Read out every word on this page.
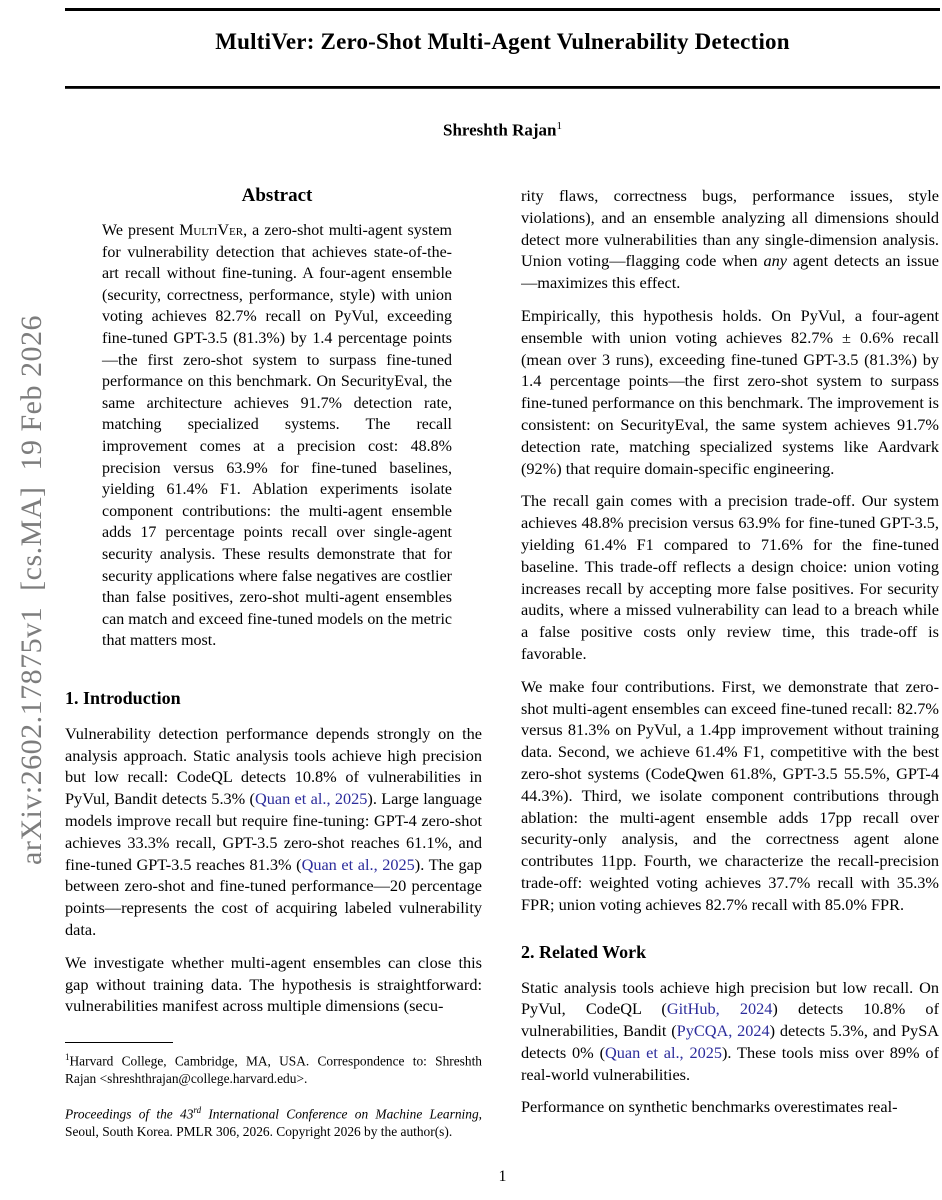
MultiVer: Zero-Shot Multi-Agent Vulnerability Detection
Shreshth Rajan$^1$
arXiv:2602.17875v1  [cs.MA]  19 Feb 2026
Abstract

We present MultiVer, a zero-shot multi-agent system for vulnerability detection that achieves state-of-the-art recall without fine-tuning. A four-agent ensemble (security, correctness, performance, style) with union voting achieves 82.7% recall on PyVul, exceeding fine-tuned GPT-3.5 (81.3%) by 1.4 percentage points—the first zero-shot system to surpass fine-tuned performance on this benchmark. On SecurityEval, the same architecture achieves 91.7% detection rate, matching specialized systems. The recall improvement comes at a precision cost: 48.8% precision versus 63.9% for fine-tuned baselines, yielding 61.4% F1. Ablation experiments isolate component contributions: the multi-agent ensemble adds 17 percentage points recall over single-agent security analysis. These results demonstrate that for security applications where false negatives are costlier than false positives, zero-shot multi-agent ensembles can match and exceed fine-tuned models on the metric that matters most.

1. Introduction

Vulnerability detection performance depends strongly on the analysis approach. Static analysis tools achieve high precision but low recall: CodeQL detects 10.8% of vulnerabilities in PyVul, Bandit detects 5.3% (Quan et al., 2025). Large language models improve recall but require fine-tuning: GPT-4 zero-shot achieves 33.3% recall, GPT-3.5 zero-shot reaches 61.1%, and fine-tuned GPT-3.5 reaches 81.3% (Quan et al., 2025). The gap between zero-shot and fine-tuned performance—20 percentage points—represents the cost of acquiring labeled vulnerability data.

We investigate whether multi-agent ensembles can close this gap without training data. The hypothesis is straightforward: vulnerabilities manifest across multiple dimensions (secu-

$^1$Harvard College, Cambridge, MA, USA. Correspondence to: Shreshth Rajan <shreshthrajan@college.harvard.edu>.

Proceedings of the 43rd International Conference on Machine Learning, Seoul, South Korea. PMLR 306, 2026. Copyright 2026 by the author(s).

rity flaws, correctness bugs, performance issues, style violations), and an ensemble analyzing all dimensions should detect more vulnerabilities than any single-dimension analysis. Union voting—flagging code when any agent detects an issue—maximizes this effect.

Empirically, this hypothesis holds. On PyVul, a four-agent ensemble with union voting achieves 82.7% ± 0.6% recall (mean over 3 runs), exceeding fine-tuned GPT-3.5 (81.3%) by 1.4 percentage points—the first zero-shot system to surpass fine-tuned performance on this benchmark. The improvement is consistent: on SecurityEval, the same system achieves 91.7% detection rate, matching specialized systems like Aardvark (92%) that require domain-specific engineering.

The recall gain comes with a precision trade-off. Our system achieves 48.8% precision versus 63.9% for fine-tuned GPT-3.5, yielding 61.4% F1 compared to 71.6% for the fine-tuned baseline. This trade-off reflects a design choice: union voting increases recall by accepting more false positives. For security audits, where a missed vulnerability can lead to a breach while a false positive costs only review time, this trade-off is favorable.

We make four contributions. First, we demonstrate that zero-shot multi-agent ensembles can exceed fine-tuned recall: 82.7% versus 81.3% on PyVul, a 1.4pp improvement without training data. Second, we achieve 61.4% F1, competitive with the best zero-shot systems (CodeQwen 61.8%, GPT-3.5 55.5%, GPT-4 44.3%). Third, we isolate component contributions through ablation: the multi-agent ensemble adds 17pp recall over security-only analysis, and the correctness agent alone contributes 11pp. Fourth, we characterize the recall-precision trade-off: weighted voting achieves 37.7% recall with 35.3% FPR; union voting achieves 82.7% recall with 85.0% FPR.

2. Related Work

Static analysis tools achieve high precision but low recall. On PyVul, CodeQL (GitHub, 2024) detects 10.8% of vulnerabilities, Bandit (PyCQA, 2024) detects 5.3%, and PySA detects 0% (Quan et al., 2025). These tools miss over 89% of real-world vulnerabilities.

Performance on synthetic benchmarks overestimates real-

1
